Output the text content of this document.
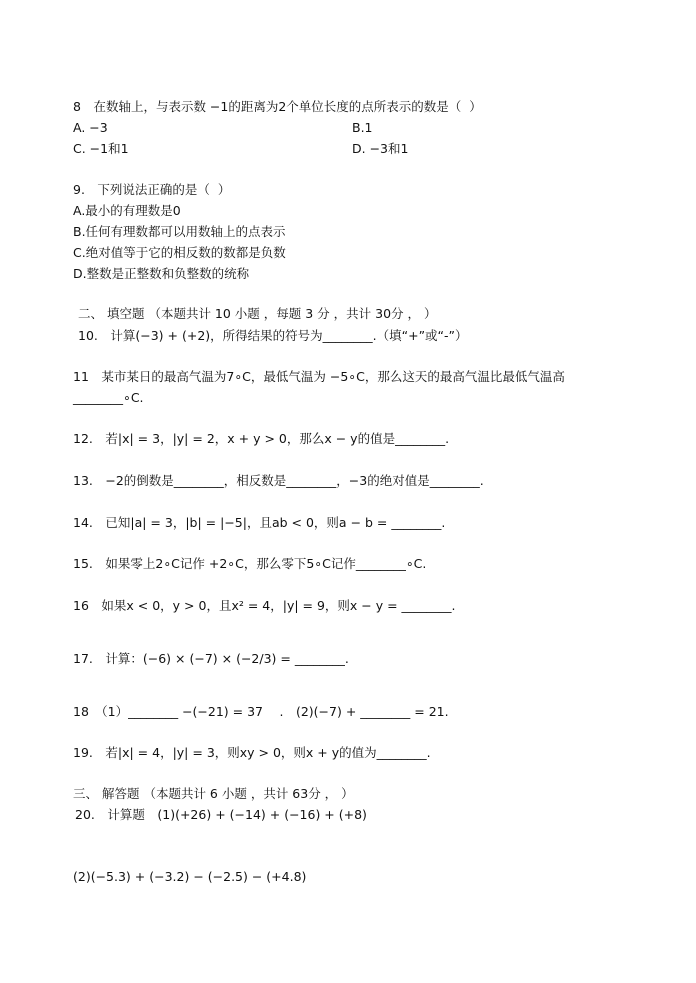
8　在数轴上，与表示数 −1的距离为2个单位长度的点所表示的数是（  ）
A. −3	B.1
C. −1和1	D. −3和1
9.　下列说法正确的是（  ）
A.最小的有理数是0
B.任何有理数都可以用数轴上的点表示
C.绝对值等于它的相反数的数都是负数
D.整数是正整数和负整数的统称
二、 填空题 （本题共计 10 小题 ，每题 3 分 ，共计 30分 ， ）
10.　计算(−3) + (+2)，所得结果的符号为________.（填“+”或“-”）
11　某市某日的最高气温为7∘C，最低气温为 −5∘C，那么这天的最高气温比最低气温高
________∘C.
12.　若|x| = 3，|y| = 2，x + y > 0，那么x − y的值是________.
13.　−2的倒数是________，相反数是________，−3的绝对值是________.
14.　已知|a| = 3，|b| = |−5|，且ab < 0，则a − b = ________.
15.　如果零上2∘C记作 +2∘C，那么零下5∘C记作________∘C.
16　如果x < 0，y > 0，且x² = 4，|y| = 9，则x − y = ________.
17.　计算：(−6) × (−7) × (−2/3) = ________.
18　（1）________ −(−21) = 37　 .　(2)(−7) + ________ = 21.
19.　若|x| = 4，|y| = 3，则xy > 0，则x + y的值为________.
三、 解答题 （本题共计 6 小题 ，共计 63分 ， ）
20.　计算题　(1)(+26) + (−14) + (−16) + (+8)
(2)(−5.3) + (−3.2) − (−2.5) − (+4.8)
